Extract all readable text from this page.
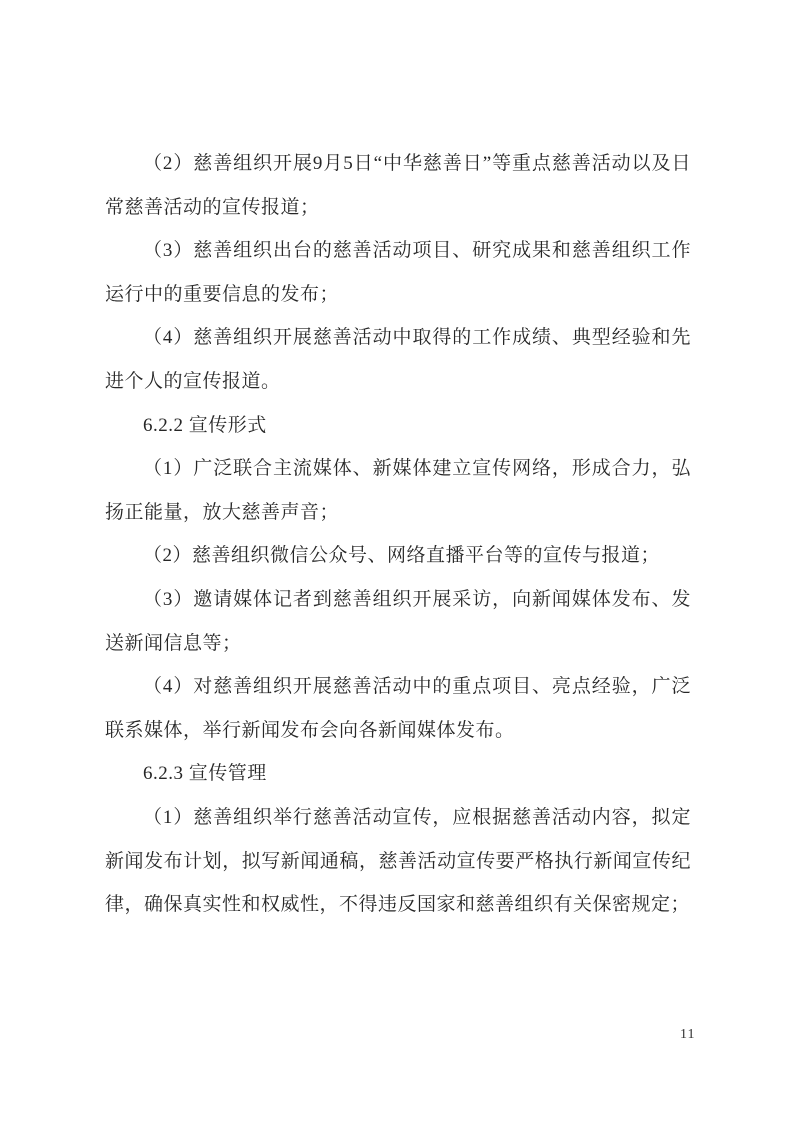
（2）慈善组织开展9月5日“中华慈善日”等重点慈善活动以及日常慈善活动的宣传报道；

（3）慈善组织出台的慈善活动项目、研究成果和慈善组织工作运行中的重要信息的发布；

（4）慈善组织开展慈善活动中取得的工作成绩、典型经验和先进个人的宣传报道。

6.2.2 宣传形式

（1）广泛联合主流媒体、新媒体建立宣传网络，形成合力，弘扬正能量，放大慈善声音；

（2）慈善组织微信公众号、网络直播平台等的宣传与报道；

（3）邀请媒体记者到慈善组织开展采访，向新闻媒体发布、发送新闻信息等；

（4）对慈善组织开展慈善活动中的重点项目、亮点经验，广泛联系媒体，举行新闻发布会向各新闻媒体发布。

6.2.3 宣传管理

（1）慈善组织举行慈善活动宣传，应根据慈善活动内容，拟定新闻发布计划，拟写新闻通稿，慈善活动宣传要严格执行新闻宣传纪律，确保真实性和权威性，不得违反国家和慈善组织有关保密规定；

11
